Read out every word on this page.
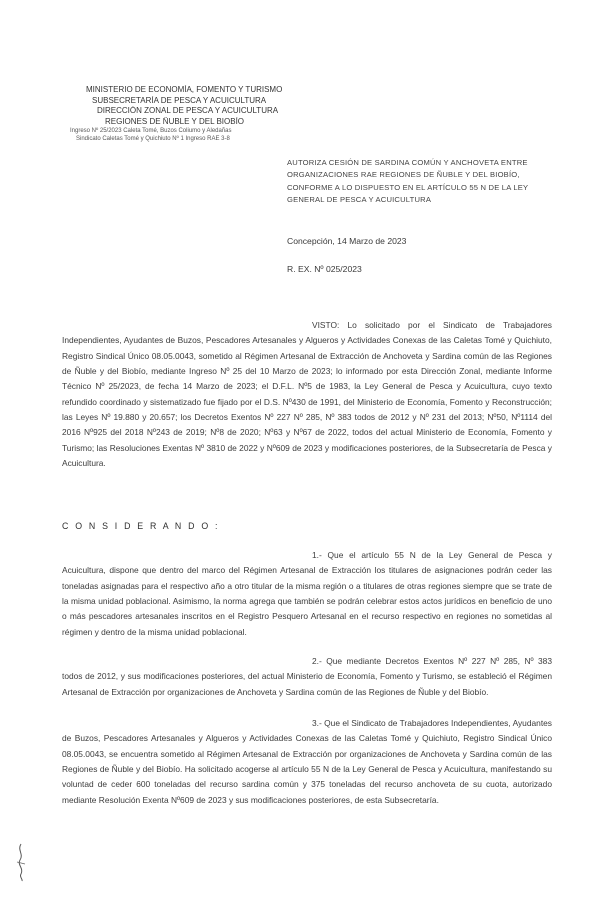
MINISTERIO DE ECONOMÍA, FOMENTO Y TURISMO
SUBSECRETARÍA DE PESCA Y ACUICULTURA
DIRECCIÓN ZONAL DE PESCA Y ACUICULTURA
REGIONES DE ÑUBLE Y DEL BIOBÍO
Ingreso Nº 25/2023 Caleta Tomé, Buzos Coliumo y Aledañas
Sindicato Caletas Tomé y Quichiuto Nº 1 Ingreso RAE 3-8
AUTORIZA CESIÓN DE SARDINA COMÚN Y ANCHOVETA ENTRE ORGANIZACIONES RAE REGIONES DE ÑUBLE Y DEL BIOBÍO, CONFORME A LO DISPUESTO EN EL ARTÍCULO 55 N DE LA LEY GENERAL DE PESCA Y ACUICULTURA
Concepción, 14 Marzo de 2023
R. EX. Nº 025/2023

VISTO: Lo solicitado por el Sindicato de Trabajadores Independientes, Ayudantes de Buzos, Pescadores Artesanales y Algueros y Actividades Conexas de las Caletas Tomé y Quichiuto, Registro Sindical Único 08.05.0043, sometido al Régimen Artesanal de Extracción de Anchoveta y Sardina común de las Regiones de Ñuble y del Biobío, mediante Ingreso Nº 25 del 10 Marzo de 2023; lo informado por esta Dirección Zonal, mediante Informe Técnico Nº 25/2023, de fecha 14 Marzo de 2023; el D.F.L. Nº5 de 1983, la Ley General de Pesca y Acuicultura, cuyo texto refundido coordinado y sistematizado fue fijado por el D.S. Nº430 de 1991, del Ministerio de Economía, Fomento y Reconstrucción; las Leyes Nº 19.880 y 20.657; los Decretos Exentos Nº 227 Nº 285, Nº 383 todos de 2012 y Nº 231 del 2013; Nº50, Nº1114 del 2016 Nº925 del 2018 Nº243 de 2019; Nº8 de 2020; Nº63 y Nº67 de 2022, todos del actual Ministerio de Economía, Fomento y Turismo; las Resoluciones Exentas Nº 3810 de 2022 y Nº609 de 2023 y modificaciones posteriores, de la Subsecretaría de Pesca y Acuicultura.

C O N S I D E R A N D O :

1.- Que el artículo 55 N de la Ley General de Pesca y Acuicultura, dispone que dentro del marco del Régimen Artesanal de Extracción los titulares de asignaciones podrán ceder las toneladas asignadas para el respectivo año a otro titular de la misma región o a titulares de otras regiones siempre que se trate de la misma unidad poblacional. Asimismo, la norma agrega que también se podrán celebrar estos actos jurídicos en beneficio de uno o más pescadores artesanales inscritos en el Registro Pesquero Artesanal en el recurso respectivo en regiones no sometidas al régimen y dentro de la misma unidad poblacional.

2.- Que mediante Decretos Exentos Nº 227 Nº 285, Nº 383 todos de 2012, y sus modificaciones posteriores, del actual Ministerio de Economía, Fomento y Turismo, se estableció el Régimen Artesanal de Extracción por organizaciones de Anchoveta y Sardina común de las Regiones de Ñuble y del Biobío.

3.- Que el Sindicato de Trabajadores Independientes, Ayudantes de Buzos, Pescadores Artesanales y Algueros y Actividades Conexas de las Caletas Tomé y Quichiuto, Registro Sindical Único 08.05.0043, se encuentra sometido al Régimen Artesanal de Extracción por organizaciones de Anchoveta y Sardina común de las Regiones de Ñuble y del Biobío. Ha solicitado acogerse al artículo 55 N de la Ley General de Pesca y Acuicultura, manifestando su voluntad de ceder 600 toneladas del recurso sardina común y 375 toneladas del recurso anchoveta de su cuota, autorizado mediante Resolución Exenta Nº609 de 2023 y sus modificaciones posteriores, de esta Subsecretaría.
